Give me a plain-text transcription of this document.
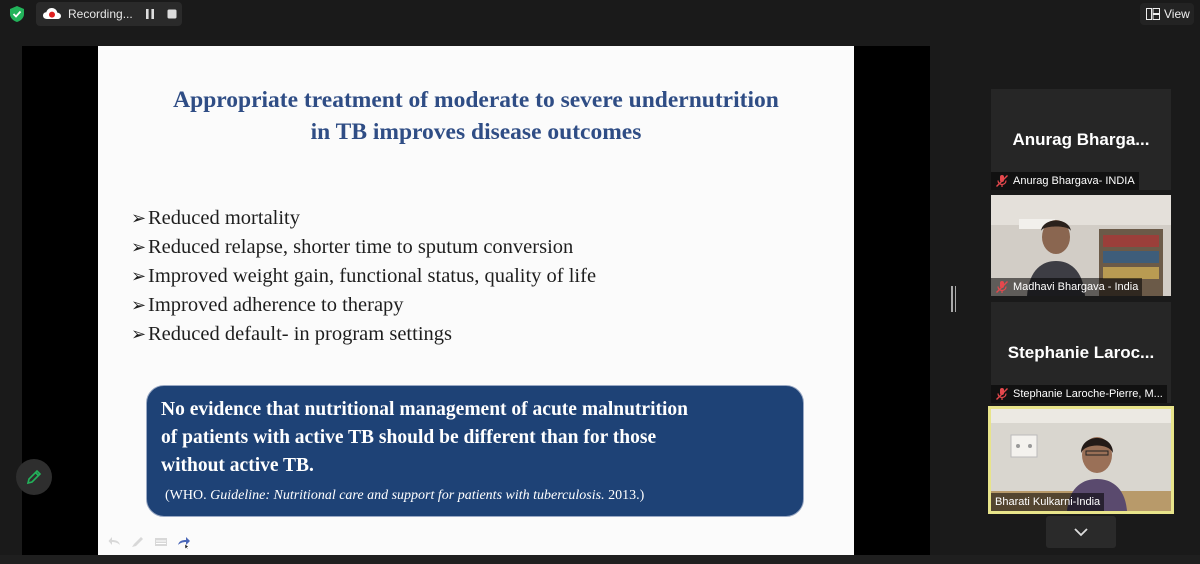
Recording...	View
Appropriate treatment of moderate to severe undernutrition
in TB improves disease outcomes
➢ Reduced mortality
➢ Reduced relapse, shorter time to sputum conversion
➢ Improved weight gain, functional status, quality of life
➢ Improved adherence to therapy
➢ Reduced default- in program settings
No evidence that nutritional management of acute malnutrition
of patients with active TB should be different than for those
without active TB.
(WHO. Guideline: Nutritional care and support for patients with tuberculosis. 2013.)
Anurag Bhargа...
Anurag Bhargava- INDIA
Madhavi Bhargava - India
Stephanie Laroc...
Stephanie Laroche-Pierre, M...
Bharati Kulkarni-India
